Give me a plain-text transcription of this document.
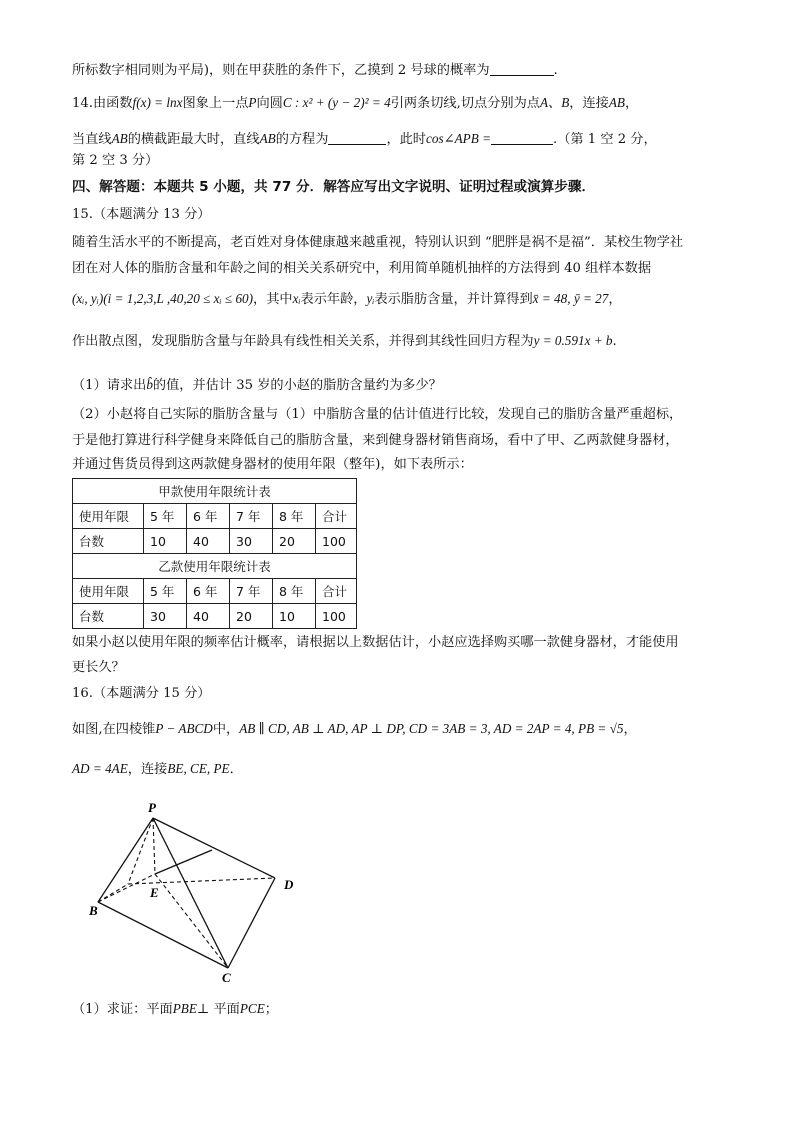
所标数字相同则为平局)，则在甲获胜的条件下，乙摸到 2 号球的概率为	.
14.由函数f(x) = lnx图象上一点P向圆C : x² + (y − 2)² = 4引两条切线,切点分别为点A、B，连接AB，
当直线AB的横截距最大时，直线AB的方程为	，此时cos∠APB =	.（第 1 空 2 分，
第 2 空 3 分）
四、解答题：本题共 5 小题，共 77 分．解答应写出文字说明、证明过程或演算步骤．
15.（本题满分 13 分）
随着生活水平的不断提高，老百姓对身体健康越来越重视，特别认识到 “肥胖是祸不是福”．某校生物学社
团在对人体的脂肪含量和年龄之间的相关关系研究中，利用简单随机抽样的方法得到 40 组样本数据
(xᵢ, yᵢ)(i = 1,2,3,L ,40,20 ≤ xᵢ ≤ 60)，其中xᵢ表示年龄，yᵢ表示脂肪含量，并计算得到x̄ = 48, ȳ = 27，
作出散点图，发现脂肪含量与年龄具有线性相关关系，并得到其线性回归方程为y = 0.591x + b.
（1）请求出b̂的值，并估计 35 岁的小赵的脂肪含量约为多少？
（2）小赵将自己实际的脂肪含量与（1）中脂肪含量的估计值进行比较，发现自己的脂肪含量严重超标，
于是他打算进行科学健身来降低自己的脂肪含量，来到健身器材销售商场，看中了甲、乙两款健身器材，
并通过售货员得到这两款健身器材的使用年限（整年)，如下表所示：
甲款使用年限统计表					
使用年限	5 年	6 年	7 年	8 年	合计
台数	10	40	30	20	100
乙款使用年限统计表					
使用年限	5 年	6 年	7 年	8 年	合计
台数	30	40	20	10	100
如果小赵以使用年限的频率估计概率，请根据以上数据估计，小赵应选择购买哪一款健身器材，才能使用
更长久？
16.（本题满分 15 分）
如图,在四棱锥P − ABCD中，AB ∥ CD, AB ⊥ AD, AP ⊥ DP, CD = 3AB = 3, AD = 2AP = 4, PB = √5，
AD = 4AE，连接BE, CE, PE．
P
E
B
D
C
（1）求证：平面PBE⊥ 平面PCE；
